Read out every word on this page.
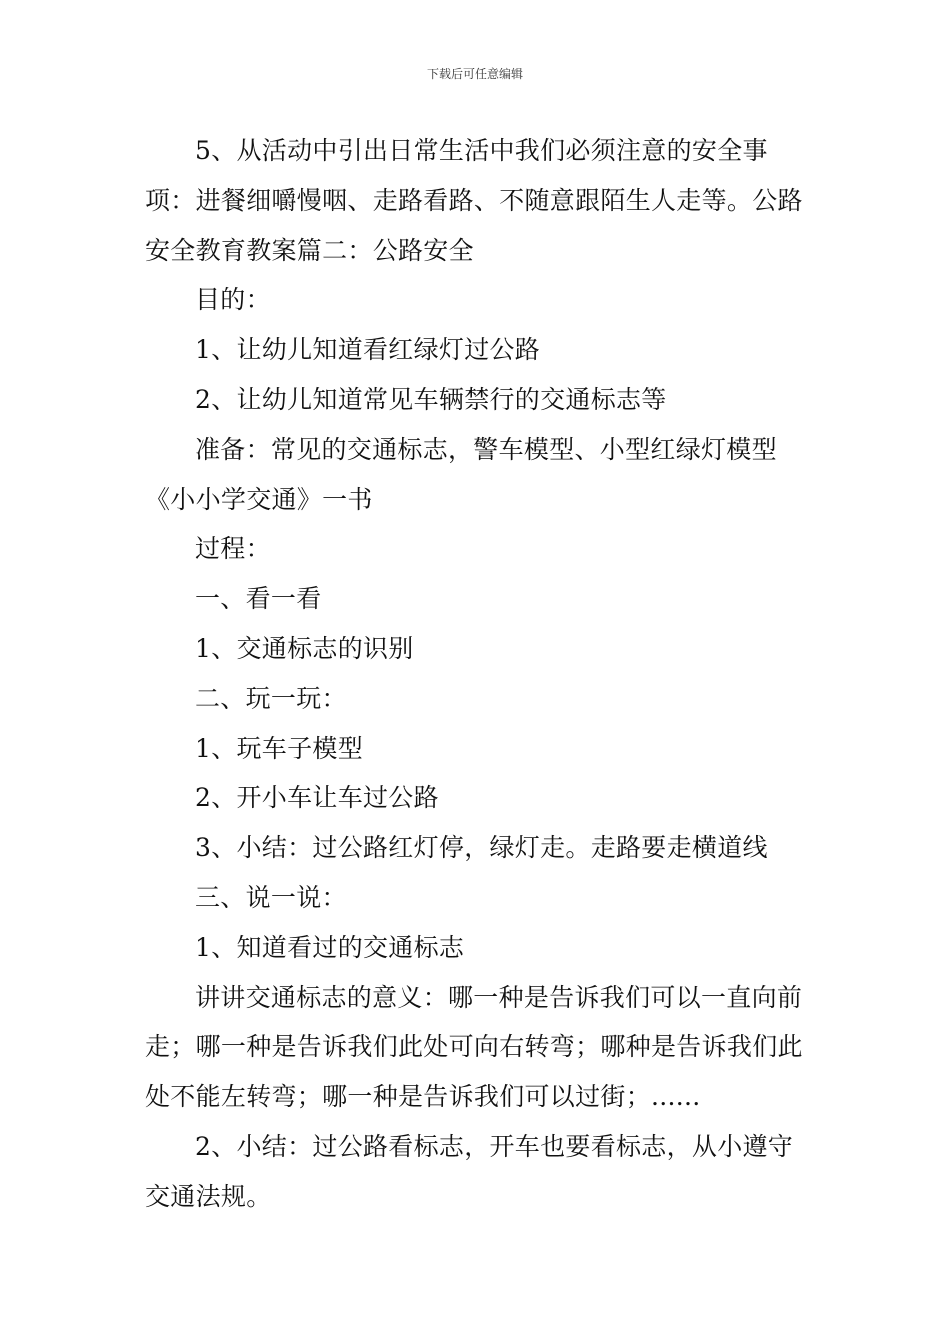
下载后可任意编辑

5、从活动中引出日常生活中我们必须注意的安全事项：进餐细嚼慢咽、走路看路、不随意跟陌生人走等。公路安全教育教案篇二：公路安全

目的：

1、让幼儿知道看红绿灯过公路

2、让幼儿知道常见车辆禁行的交通标志等

准备：常见的交通标志，警车模型、小型红绿灯模型《小小学交通》一书

过程：

一、看一看

1、交通标志的识别

二、玩一玩：

1、玩车子模型

2、开小车让车过公路

3、小结：过公路红灯停，绿灯走。走路要走横道线

三、说一说：

1、知道看过的交通标志

讲讲交通标志的意义：哪一种是告诉我们可以一直向前走；哪一种是告诉我们此处可向右转弯；哪种是告诉我们此处不能左转弯；哪一种是告诉我们可以过街；......

2、小结：过公路看标志，开车也要看标志，从小遵守交通法规。
